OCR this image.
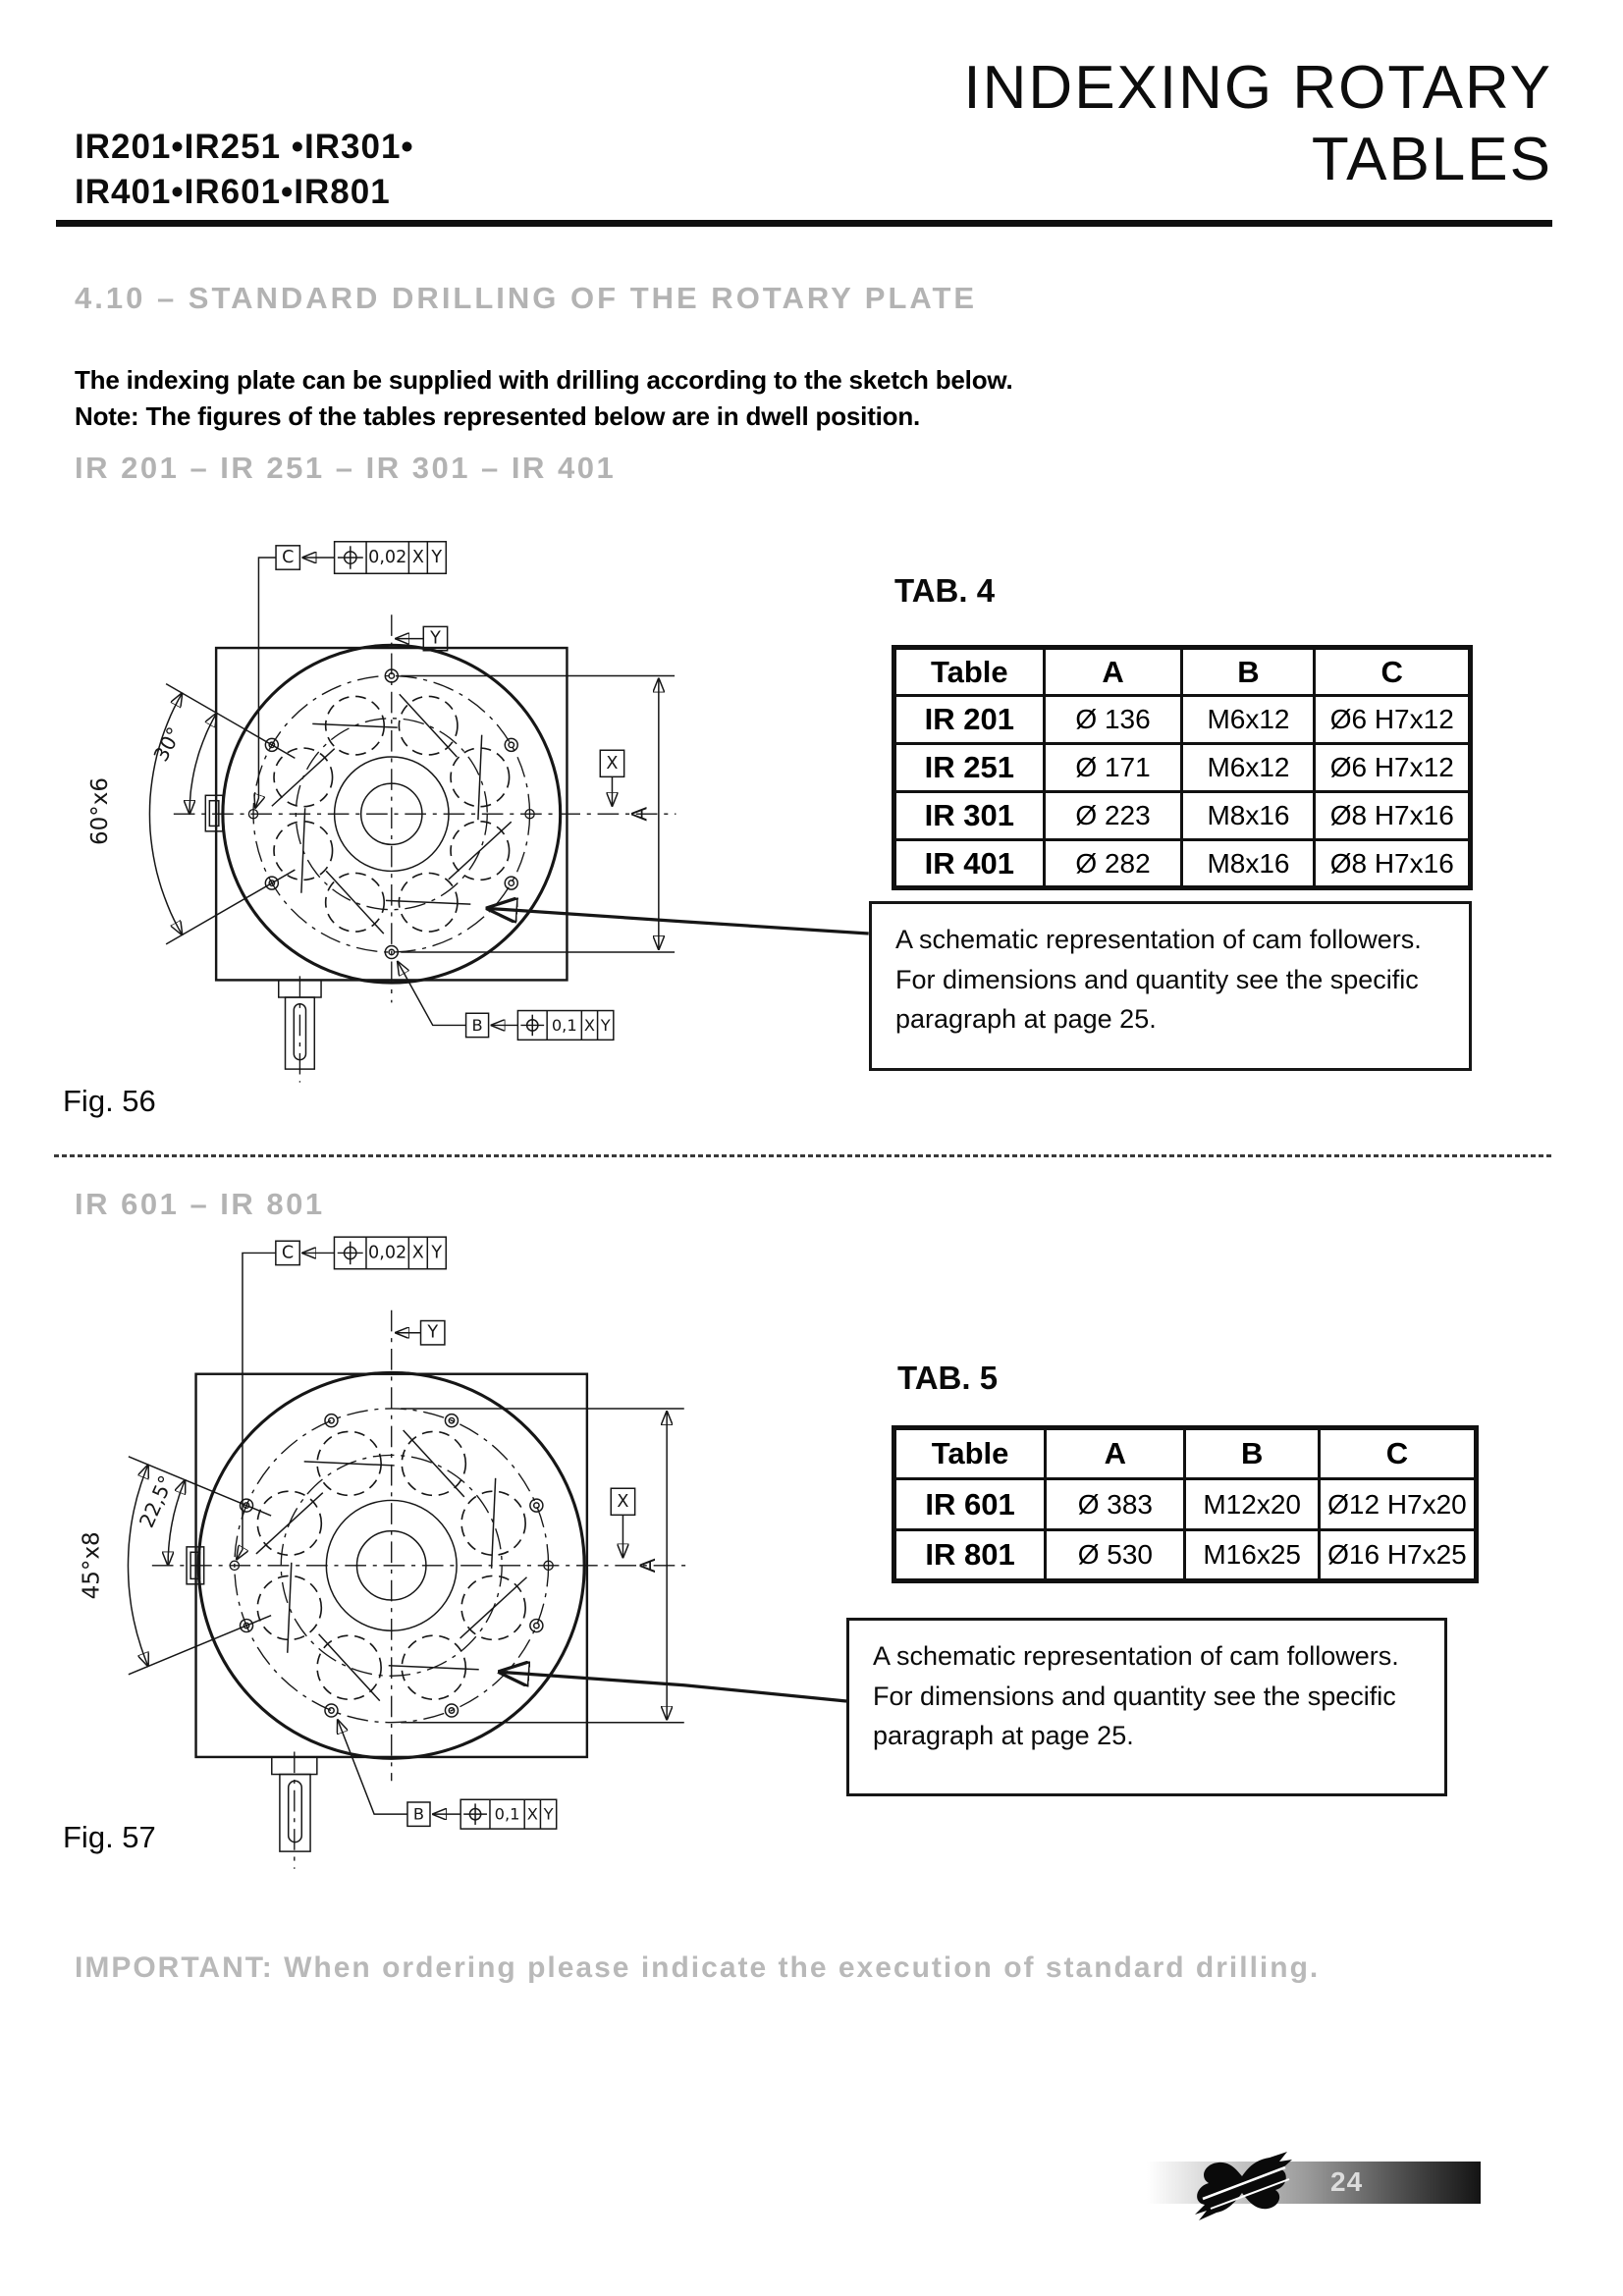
IR201•IR251 •IR301•
IR401•IR601•IR801
INDEXING ROTARY
TABLES
4.10 – STANDARD DRILLING OF THE ROTARY PLATE
The indexing plate can be supplied with drilling according to the sketch below.
Note: The figures of the tables represented below are in dwell position.
IR 201 – IR 251 – IR 301 – IR 401
60°x6
30°
C	0,02 X Y
Y
X
A
B	0,1 X Y
TAB. 4
Table	A	B	C
IR 201	Ø 136	M6x12	Ø6 H7x12
IR 251	Ø 171	M6x12	Ø6 H7x12
IR 301	Ø 223	M8x16	Ø8 H7x16
IR 401	Ø 282	M8x16	Ø8 H7x16
A schematic representation of cam followers.
For dimensions and quantity see the specific
paragraph at page 25.
Fig. 56
IR 601 – IR 801
45°x8
22,5°
C	0,02 X Y
Y
X
A
B	0,1 X Y
TAB. 5
Table	A	B	C
IR 601	Ø 383	M12x20	Ø12 H7x20
IR 801	Ø 530	M16x25	Ø16 H7x25
A schematic representation of cam followers.
For dimensions and quantity see the specific
paragraph at page 25.
Fig. 57
IMPORTANT: When ordering please indicate the execution of standard drilling.
24
